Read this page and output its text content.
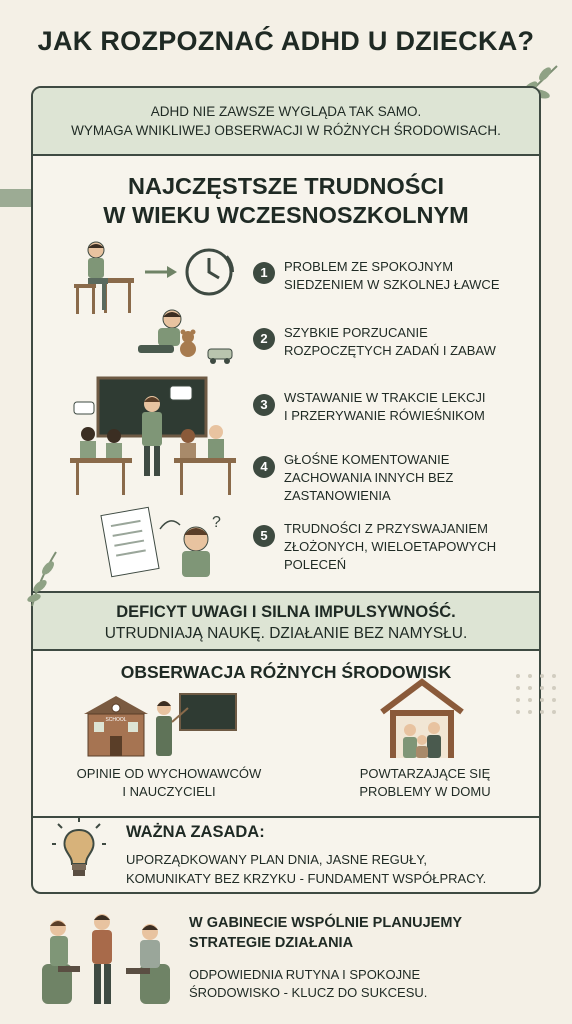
JAK ROZPOZNAĆ ADHD U DZIECKA?
ADHD NIE ZAWSZE WYGLĄDA TAK SAMO.
WYMAGA WNIKLIWEJ OBSERWACJI W RÓŻNYCH ŚRODOWISACH.
DEFICYT UWAGI I SILNA IMPULSYWNOŚĆ.
UTRUDNIAJĄ NAUKĘ. DZIAŁANIE BEZ NAMYSŁU.
NAJCZĘSTSZE TRUDNOŚCI
W WIEKU WCZESNOSZKOLNYM
?
1	PROBLEM ZE SPOKOJNYM
SIEDZENIEM W SZKOLNEJ ŁAWCE
2	SZYBKIE PORZUCANIE
ROZPOCZĘTYCH ZADAŃ I ZABAW
3	WSTAWANIE W TRAKCIE LEKCJI
I PRZERYWANIE RÓWIEŚNIKOM
4	GŁOŚNE KOMENTOWANIE
ZACHOWANIA INNYCH BEZ
ZASTANOWIENIA
5	TRUDNOŚCI Z PRZYSWAJANIEM
ZŁOŻONYCH, WIELOETAPOWYCH
POLECEŃ
OBSERWACJA RÓŻNYCH ŚRODOWISK
SCHOOL
OPINIE OD WYCHOWAWCÓW
I NAUCZYCIELI
POWTARZAJĄCE SIĘ
PROBLEMY W DOMU
WAŻNA ZASADA:
UPORZĄDKOWANY PLAN DNIA, JASNE REGUŁY,
KOMUNIKATY BEZ KRZYKU - FUNDAMENT WSPÓŁPRACY.
W GABINECIE WSPÓLNIE PLANUJEMY
STRATEGIE DZIAŁANIA
ODPOWIEDNIA RUTYNA I SPOKOJNE
ŚRODOWISKO - KLUCZ DO SUKCESU.
